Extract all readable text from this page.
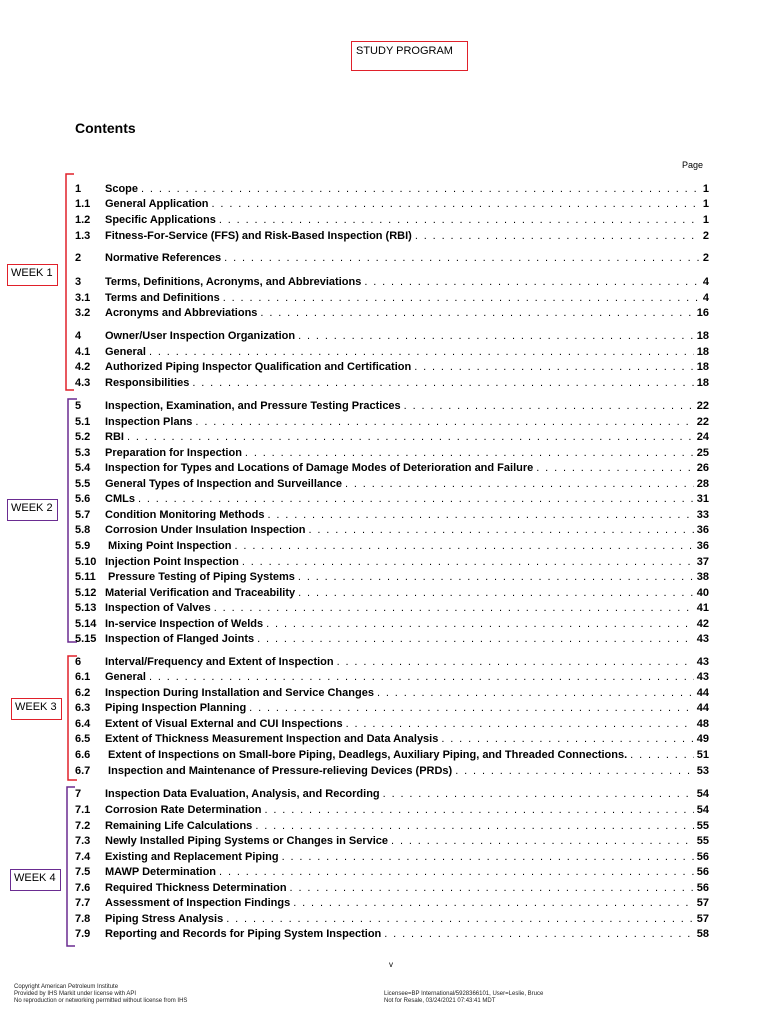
STUDY PROGRAM
Contents
Page
WEEK 1
WEEK 2
WEEK 3
WEEK 4
1	Scope . . .	1
1.1	General Application . . .	1
1.2	Specific Applications . . .	1
1.3	Fitness-For-Service (FFS) and Risk-Based Inspection (RBI) . . .	2
2	Normative References . . .	2
3	Terms, Definitions, Acronyms, and Abbreviations . . .	4
3.1	Terms and Definitions . . .	4
3.2	Acronyms and Abbreviations . . .	16
4	Owner/User Inspection Organization . . .	18
4.1	General . . .	18
4.2	Authorized Piping Inspector Qualification and Certification . . .	18
4.3	Responsibilities . . .	18
5	Inspection, Examination, and Pressure Testing Practices . . .	22
5.1	Inspection Plans . . .	22
5.2	RBI . . .	24
5.3	Preparation for Inspection . . .	25
5.4	Inspection for Types and Locations of Damage Modes of Deterioration and Failure . . .	26
5.5	General Types of Inspection and Surveillance . . .	28
5.6	CMLs . . .	31
5.7	Condition Monitoring Methods . . .	33
5.8	Corrosion Under Insulation Inspection . . .	36
5.9	Mixing Point Inspection . . .	36
5.10 Injection Point Inspection . . .	37
5.11 Pressure Testing of Piping Systems . . .	38
5.12 Material Verification and Traceability . . .	40
5.13 Inspection of Valves . . .	41
5.14 In-service Inspection of Welds . . .	42
5.15 Inspection of Flanged Joints . . .	43
6	Interval/Frequency and Extent of Inspection . . .	43
6.1	General . . .	43
6.2	Inspection During Installation and Service Changes . . .	44
6.3	Piping Inspection Planning . . .	44
6.4	Extent of Visual External and CUI Inspections . . .	48
6.5	Extent of Thickness Measurement Inspection and Data Analysis . . .	49
6.6	Extent of Inspections on Small-bore Piping, Deadlegs, Auxiliary Piping, and Threaded Connections. . . .	51
6.7	Inspection and Maintenance of Pressure-relieving Devices (PRDs) . . .	53
7	Inspection Data Evaluation, Analysis, and Recording . . .	54
7.1	Corrosion Rate Determination . . .	54
7.2	Remaining Life Calculations . . .	55
7.3	Newly Installed Piping Systems or Changes in Service . . .	55
7.4	Existing and Replacement Piping . . .	56
7.5	MAWP Determination . . .	56
7.6	Required Thickness Determination . . .	56
7.7	Assessment of Inspection Findings . . .	57
7.8	Piping Stress Analysis . . .	57
7.9	Reporting and Records for Piping System Inspection . . .	58
v
Copyright American Petroleum Institute
Provided by IHS Markit under license with API
No reproduction or networking permitted without license from IHS
Licensee=BP International/5928366101, User=Leslie, Bruce
Not for Resale, 03/24/2021 07:43:41 MDT
